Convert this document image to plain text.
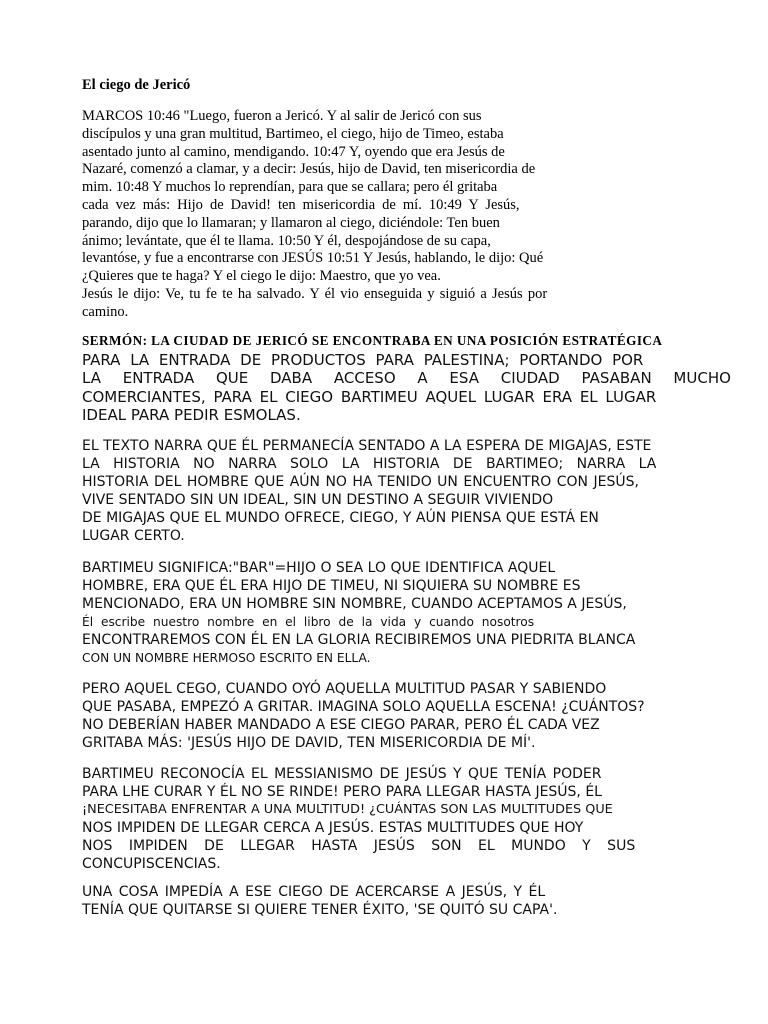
El ciego de Jericó
MARCOS 10:46 "Luego, fueron a Jericó. Y al salir de Jericó con sus
discípulos y una gran multitud, Bartimeo, el ciego, hijo de Timeo, estaba
asentado junto al camino, mendigando. 10:47 Y, oyendo que era Jesús de
Nazaré, comenzó a clamar, y a decir: Jesús, hijo de David, ten misericordia de
mim. 10:48 Y muchos lo reprendían, para que se callara; pero él gritaba
cada vez más: Hijo de David! ten misericordia de mí. 10:49 Y Jesús,
parando, dijo que lo llamaran; y llamaron al ciego, diciéndole: Ten buen
ánimo; levántate, que él te llama. 10:50 Y él, despojándose de su capa,
levantóse, y fue a encontrarse con JESÚS 10:51 Y Jesús, hablando, le dijo: Qué
¿Quieres que te haga? Y el ciego le dijo: Maestro, que yo vea.
Jesús le dijo: Ve, tu fe te ha salvado. Y él vio enseguida y siguió a Jesús por
camino.
SERMÓN: LA CIUDAD DE JERICÓ SE ENCONTRABA EN UNA POSICIÓN ESTRATÉGICA
PARA LA ENTRADA DE PRODUCTOS PARA PALESTINA; PORTANDO POR
LA ENTRADA QUE DABA ACCESO A ESA CIUDAD PASABAN MUCHO
COMERCIANTES, PARA EL CIEGO BARTIMEU AQUEL LUGAR ERA EL LUGAR
IDEAL PARA PEDIR ESMOLAS.
EL TEXTO NARRA QUE ÉL PERMANECÍA SENTADO A LA ESPERA DE MIGAJAS, ESTE
LA HISTORIA NO NARRA SOLO LA HISTORIA DE BARTIMEO; NARRA LA
HISTORIA DEL HOMBRE QUE AÚN NO HA TENIDO UN ENCUENTRO CON JESÚS,
VIVE SENTADO SIN UN IDEAL, SIN UN DESTINO A SEGUIR VIVIENDO
DE MIGAJAS QUE EL MUNDO OFRECE, CIEGO, Y AÚN PIENSA QUE ESTÁ EN
LUGAR CERTO.
BARTIMEU SIGNIFICA:"BAR"=HIJO O SEA LO QUE IDENTIFICA AQUEL
HOMBRE, ERA QUE ÉL ERA HIJO DE TIMEU, NI SIQUIERA SU NOMBRE ES
MENCIONADO, ERA UN HOMBRE SIN NOMBRE, CUANDO ACEPTAMOS A JESÚS,
Él escribe nuestro nombre en el libro de la vida y cuando nosotros
ENCONTRAREMOS CON ÉL EN LA GLORIA RECIBIREMOS UNA PIEDRITA BLANCA
CON UN NOMBRE HERMOSO ESCRITO EN ELLA.
PERO AQUEL CEGO, CUANDO OYÓ AQUELLA MULTITUD PASAR Y SABIENDO
QUE PASABA, EMPEZÓ A GRITAR. IMAGINA SOLO AQUELLA ESCENA! ¿CUÁNTOS?
NO DEBERÍAN HABER MANDADO A ESE CIEGO PARAR, PERO ÉL CADA VEZ
GRITABA MÁS: 'JESÚS HIJO DE DAVID, TEN MISERICORDIA DE MÍ'.
BARTIMEU RECONOCÍA EL MESSIANISMO DE JESÚS Y QUE TENÍA PODER
PARA LHE CURAR Y ÉL NO SE RINDE! PERO PARA LLEGAR HASTA JESÚS, ÉL
¡NECESITABA ENFRENTAR A UNA MULTITUD! ¿CUÁNTAS SON LAS MULTITUDES QUE
NOS IMPIDEN DE LLEGAR CERCA A JESÚS. ESTAS MULTITUDES QUE HOY
NOS IMPIDEN DE LLEGAR HASTA JESÚS SON EL MUNDO Y SUS
CONCUPISCENCIAS.
UNA COSA IMPEDÍA A ESE CIEGO DE ACERCARSE A JESÚS, Y ÉL
TENÍA QUE QUITARSE SI QUIERE TENER ÉXITO, 'SE QUITÓ SU CAPA'.
